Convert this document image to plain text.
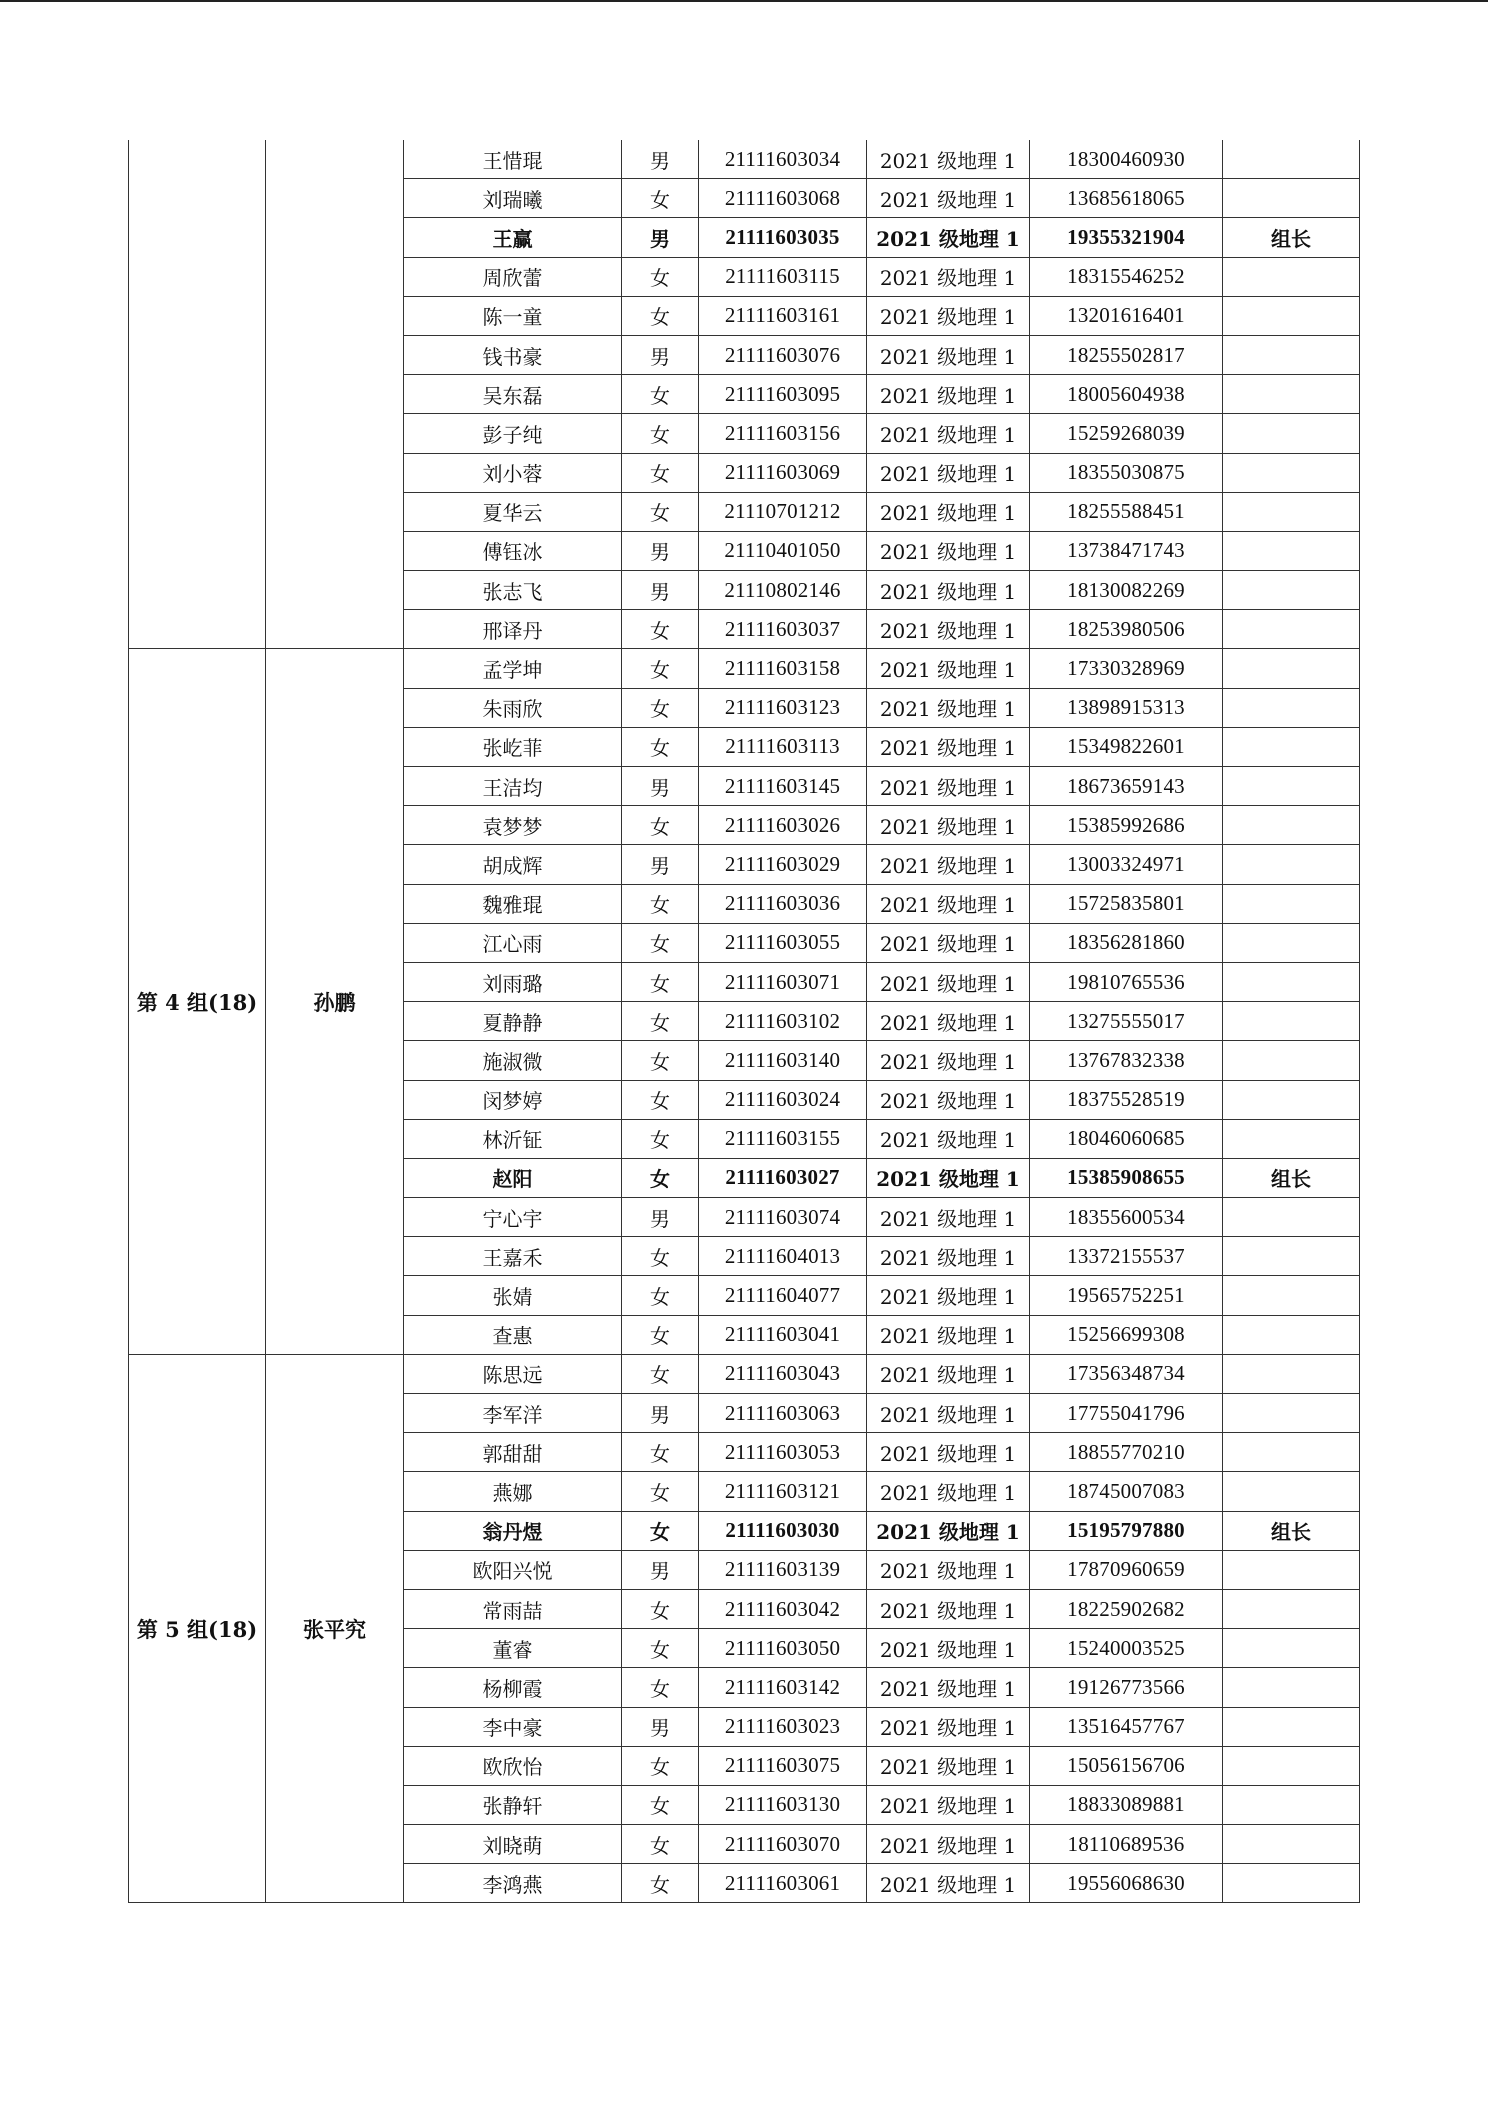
		王惜琨	男	21111603034	2021 级地理 1	18300460930	
		刘瑞曦	女	21111603068	2021 级地理 1	13685618065	
		王赢	男	21111603035	2021 级地理 1	19355321904	组长
		周欣蕾	女	21111603115	2021 级地理 1	18315546252	
		陈一童	女	21111603161	2021 级地理 1	13201616401	
		钱书豪	男	21111603076	2021 级地理 1	18255502817	
		吴东磊	女	21111603095	2021 级地理 1	18005604938	
		彭子纯	女	21111603156	2021 级地理 1	15259268039	
		刘小蓉	女	21111603069	2021 级地理 1	18355030875	
		夏华云	女	21110701212	2021 级地理 1	18255588451	
		傅钰冰	男	21110401050	2021 级地理 1	13738471743	
		张志飞	男	21110802146	2021 级地理 1	18130082269	
		邢译丹	女	21111603037	2021 级地理 1	18253980506	
第 4 组(18)	孙鹏	孟学坤	女	21111603158	2021 级地理 1	17330328969	
		朱雨欣	女	21111603123	2021 级地理 1	13898915313	
		张屹菲	女	21111603113	2021 级地理 1	15349822601	
		王洁均	男	21111603145	2021 级地理 1	18673659143	
		袁梦梦	女	21111603026	2021 级地理 1	15385992686	
		胡成辉	男	21111603029	2021 级地理 1	13003324971	
		魏雅琨	女	21111603036	2021 级地理 1	15725835801	
		江心雨	女	21111603055	2021 级地理 1	18356281860	
		刘雨璐	女	21111603071	2021 级地理 1	19810765536	
		夏静静	女	21111603102	2021 级地理 1	13275555017	
		施淑微	女	21111603140	2021 级地理 1	13767832338	
		闵梦婷	女	21111603024	2021 级地理 1	18375528519	
		林沂钲	女	21111603155	2021 级地理 1	18046060685	
		赵阳	女	21111603027	2021 级地理 1	15385908655	组长
		宁心宇	男	21111603074	2021 级地理 1	18355600534	
		王嘉禾	女	21111604013	2021 级地理 1	13372155537	
		张婧	女	21111604077	2021 级地理 1	19565752251	
		查惠	女	21111603041	2021 级地理 1	15256699308	
第 5 组(18)	张平究	陈思远	女	21111603043	2021 级地理 1	17356348734	
		李军洋	男	21111603063	2021 级地理 1	17755041796	
		郭甜甜	女	21111603053	2021 级地理 1	18855770210	
		燕娜	女	21111603121	2021 级地理 1	18745007083	
		翁丹煜	女	21111603030	2021 级地理 1	15195797880	组长
		欧阳兴悦	男	21111603139	2021 级地理 1	17870960659	
		常雨喆	女	21111603042	2021 级地理 1	18225902682	
		董睿	女	21111603050	2021 级地理 1	15240003525	
		杨柳霞	女	21111603142	2021 级地理 1	19126773566	
		李中豪	男	21111603023	2021 级地理 1	13516457767	
		欧欣怡	女	21111603075	2021 级地理 1	15056156706	
		张静轩	女	21111603130	2021 级地理 1	18833089881	
		刘晓萌	女	21111603070	2021 级地理 1	18110689536	
		李鸿燕	女	21111603061	2021 级地理 1	19556068630	
